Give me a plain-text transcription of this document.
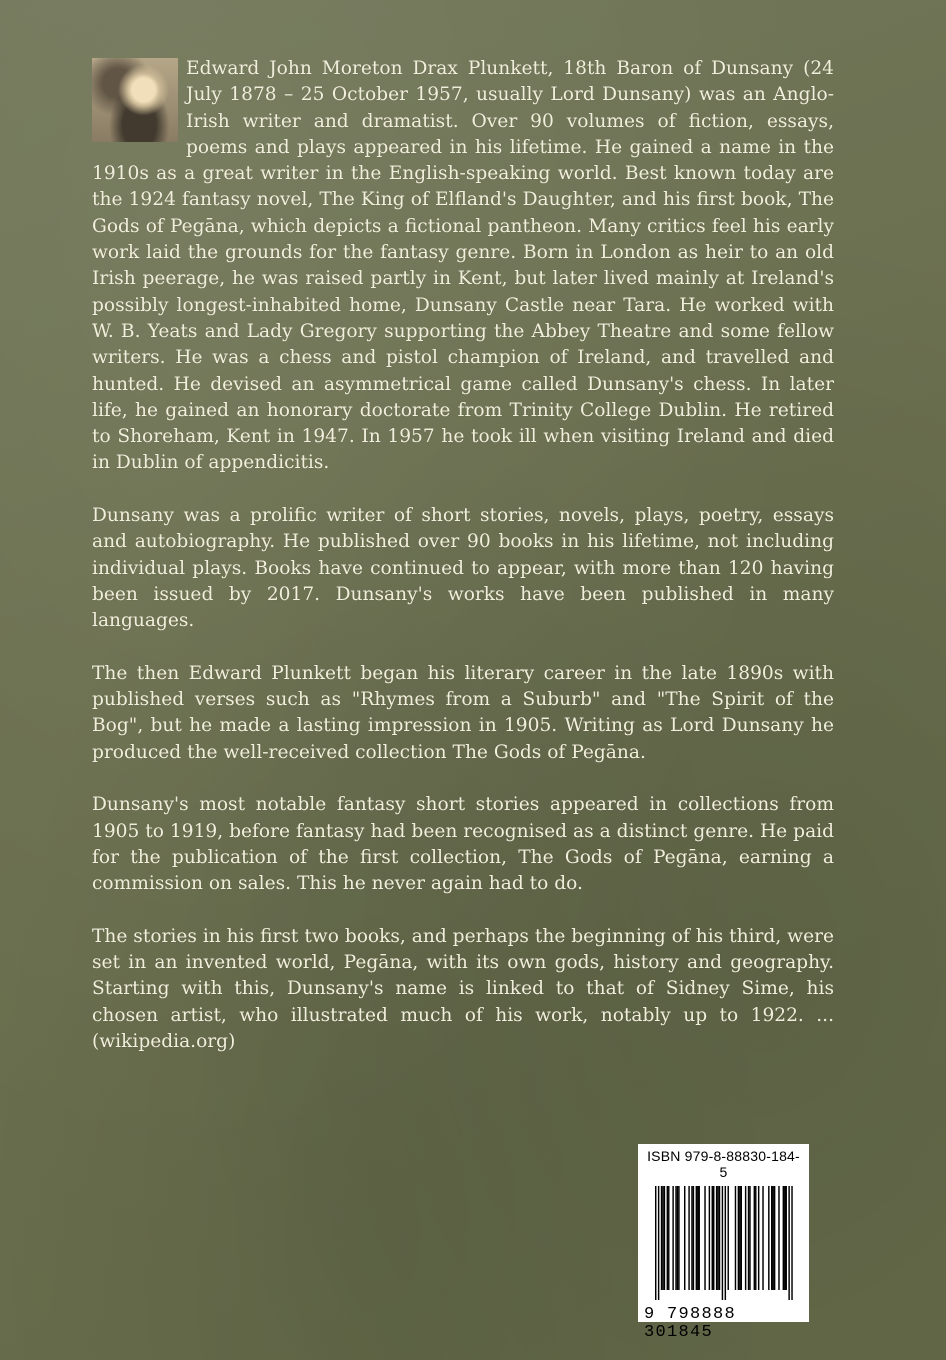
Edward John Moreton Drax Plunkett, 18th Baron of Dunsany (24 July 1878 – 25 October 1957, usually Lord Dunsany) was an Anglo-Irish writer and dramatist. Over 90 volumes of fiction, essays, poems and plays appeared in his lifetime. He gained a name in the 1910s as a great writer in the English-speaking world. Best known today are the 1924 fantasy novel, The King of Elfland's Daughter, and his first book, The Gods of Pegāna, which depicts a fictional pantheon. Many critics feel his early work laid the grounds for the fantasy genre. Born in London as heir to an old Irish peerage, he was raised partly in Kent, but later lived mainly at Ireland's possibly longest-inhabited home, Dunsany Castle near Tara. He worked with W. B. Yeats and Lady Gregory supporting the Abbey Theatre and some fellow writers. He was a chess and pistol champion of Ireland, and travelled and hunted. He devised an asymmetrical game called Dunsany's chess. In later life, he gained an honorary doctorate from Trinity College Dublin. He retired to Shoreham, Kent in 1947. In 1957 he took ill when visiting Ireland and died in Dublin of appendicitis.

Dunsany was a prolific writer of short stories, novels, plays, poetry, essays and autobiography. He published over 90 books in his lifetime, not including individual plays. Books have continued to appear, with more than 120 having been issued by 2017. Dunsany's works have been published in many languages.

The then Edward Plunkett began his literary career in the late 1890s with published verses such as "Rhymes from a Suburb" and "The Spirit of the Bog", but he made a lasting impression in 1905. Writing as Lord Dunsany he produced the well-received collection The Gods of Pegāna.

Dunsany's most notable fantasy short stories appeared in collections from 1905 to 1919, before fantasy had been recognised as a distinct genre. He paid for the publication of the first collection, The Gods of Pegāna, earning a commission on sales. This he never again had to do.

The stories in his first two books, and perhaps the beginning of his third, were set in an invented world, Pegāna, with its own gods, history and geography. Starting with this, Dunsany's name is linked to that of Sidney Sime, his chosen artist, who illustrated much of his work, notably up to 1922. ...(wikipedia.org)

ISBN 979-8-88830-184-5
9 798888 301845
